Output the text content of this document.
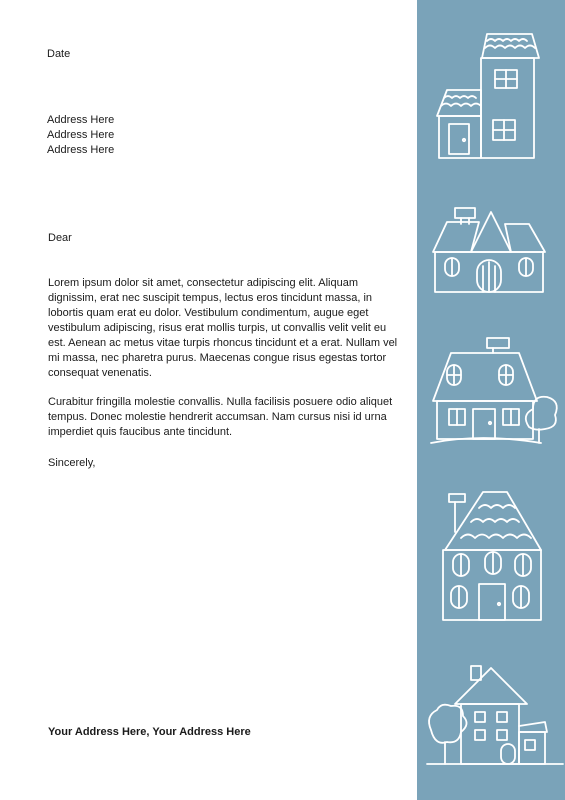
Date
Address Here
Address Here
Address Here
Dear

Lorem ipsum dolor sit amet, consectetur adipiscing elit. Aliquam dignissim, erat nec suscipit tempus, lectus eros tincidunt massa, in lobortis quam erat eu dolor. Vestibulum condimentum, augue eget vestibulum adipiscing, risus erat mollis turpis, ut convallis velit velit eu est. Aenean ac metus vitae turpis rhoncus tincidunt et a erat. Nullam vel mi massa, nec pharetra purus. Maecenas congue risus egestas tortor consequat venenatis.

Curabitur fringilla molestie convallis. Nulla facilisis posuere odio aliquet tempus. Donec molestie hendrerit accumsan. Nam cursus nisi id urna imperdiet quis faucibus ante tincidunt.

Sincerely,
Your Address Here, Your Address Here
